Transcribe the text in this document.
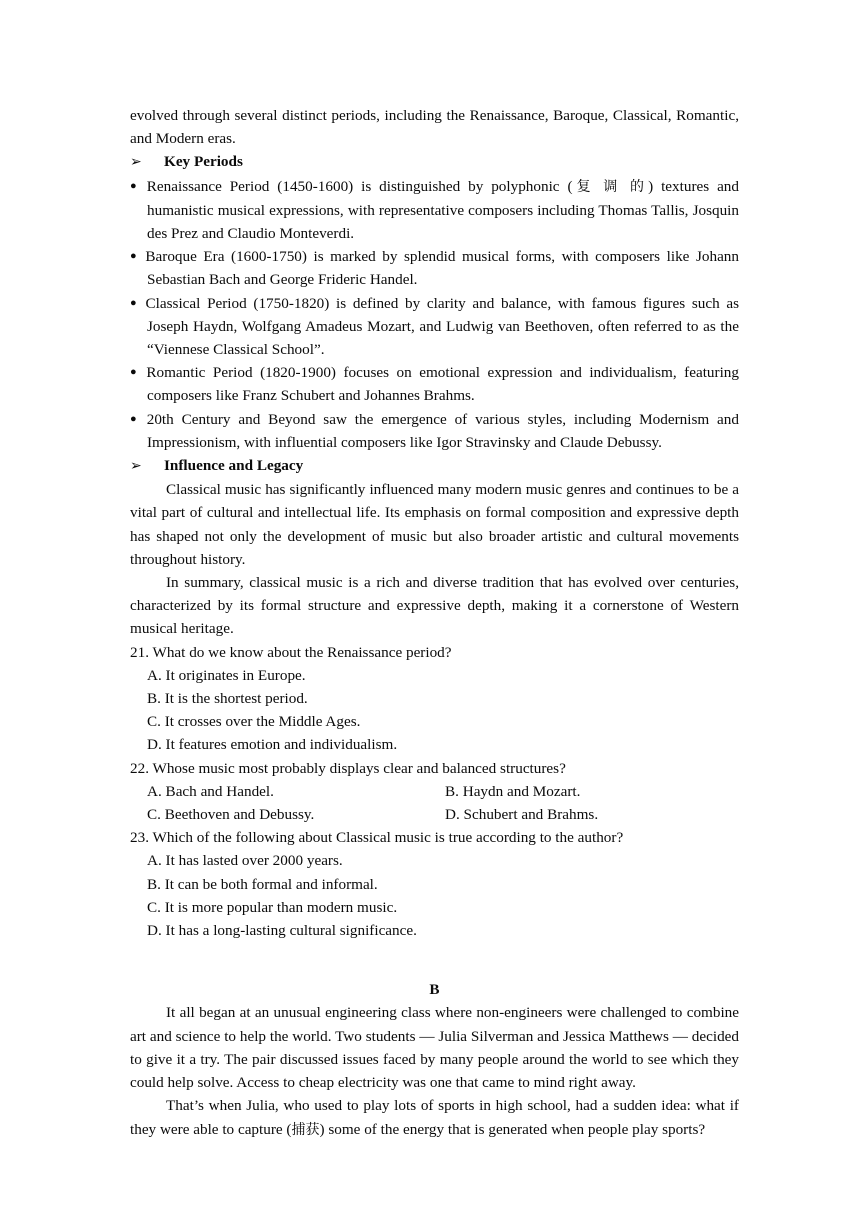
evolved through several distinct periods, including the Renaissance, Baroque, Classical, Romantic, and Modern eras.

➢ Key Periods

● Renaissance Period (1450-1600) is distinguished by polyphonic (复 调 的) textures and humanistic musical expressions, with representative composers including Thomas Tallis, Josquin des Prez and Claudio Monteverdi.

● Baroque Era (1600-1750) is marked by splendid musical forms, with composers like Johann Sebastian Bach and George Frideric Handel.

● Classical Period (1750-1820) is defined by clarity and balance, with famous figures such as Joseph Haydn, Wolfgang Amadeus Mozart, and Ludwig van Beethoven, often referred to as the “Viennese Classical School”.

● Romantic Period (1820-1900) focuses on emotional expression and individualism, featuring composers like Franz Schubert and Johannes Brahms.

● 20th Century and Beyond saw the emergence of various styles, including Modernism and Impressionism, with influential composers like Igor Stravinsky and Claude Debussy.

➢ Influence and Legacy

Classical music has significantly influenced many modern music genres and continues to be a vital part of cultural and intellectual life. Its emphasis on formal composition and expressive depth has shaped not only the development of music but also broader artistic and cultural movements throughout history.

In summary, classical music is a rich and diverse tradition that has evolved over centuries, characterized by its formal structure and expressive depth, making it a cornerstone of Western musical heritage.

21. What do we know about the Renaissance period?

A. It originates in Europe.

B. It is the shortest period.

C. It crosses over the Middle Ages.

D. It features emotion and individualism.

22. Whose music most probably displays clear and balanced structures?

A. Bach and Handel.	B. Haydn and Mozart.
C. Beethoven and Debussy.	D. Schubert and Brahms.

23. Which of the following about Classical music is true according to the author?

A. It has lasted over 2000 years.

B. It can be both formal and informal.

C. It is more popular than modern music.

D. It has a long-lasting cultural significance.

B

It all began at an unusual engineering class where non-engineers were challenged to combine art and science to help the world. Two students — Julia Silverman and Jessica Matthews — decided to give it a try. The pair discussed issues faced by many people around the world to see which they could help solve. Access to cheap electricity was one that came to mind right away.

That’s when Julia, who used to play lots of sports in high school, had a sudden idea: what if they were able to capture (捕获) some of the energy that is generated when people play sports?
